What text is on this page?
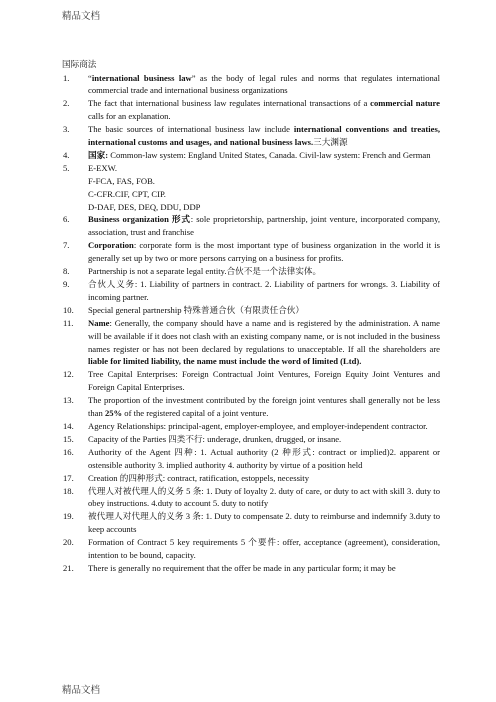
精品文档
国际商法
1. “international business law” as the body of legal rules and norms that regulates international commercial trade and international business organizations
2. The fact that international business law regulates international transactions of a commercial nature calls for an explanation.
3. The basic sources of international business law include international conventions and treaties, international customs and usages, and national business laws.三大渊源
4. 国家: Common-law system: England United States, Canada. Civil-law system: French and German
5. E-EXW.
F-FCA, FAS, FOB.
C-CFR.CIF, CPT, CIP.
D-DAF, DES, DEQ, DDU, DDP
6. Business organization 形式: sole proprietorship, partnership, joint venture, incorporated company, association, trust and franchise
7. Corporation: corporate form is the most important type of business organization in the world it is generally set up by two or more persons carrying on a business for profits.
8. Partnership is not a separate legal entity.合伙不是一个法律实体。
9. 合伙人义务: 1. Liability of partners in contract. 2. Liability of partners for wrongs. 3. Liability of incoming partner.
10. Special general partnership 特殊普通合伙（有限责任合伙）
11. Name: Generally, the company should have a name and is registered by the administration. A name will be available if it does not clash with an existing company name, or is not included in the business names register or has not been declared by regulations to unacceptable. If all the shareholders are liable for limited liability, the name must include the word of limited (Ltd).
12. Tree Capital Enterprises: Foreign Contractual Joint Ventures, Foreign Equity Joint Ventures and Foreign Capital Enterprises.
13. The proportion of the investment contributed by the foreign joint ventures shall generally not be less than 25% of the registered capital of a joint venture.
14. Agency Relationships: principal-agent, employer-employee, and employer-independent contractor.
15. Capacity of the Parties 四类不行: underage, drunken, drugged, or insane.
16. Authority of the Agent 四种: 1. Actual authority (2 种形式: contract or implied)2. apparent or ostensible authority 3. implied authority 4. authority by virtue of a position held
17. Creation 的四种形式: contract, ratification, estoppels, necessity
18. 代理人对被代理人的义务 5 条: 1. Duty of loyalty 2. duty of care, or duty to act with skill 3. duty to obey instructions. 4.duty to account 5. duty to notify
19. 被代理人对代理人的义务 3 条: 1. Duty to compensate 2. duty to reimburse and indemnify 3.duty to keep accounts
20. Formation of Contract 5 key requirements 5 个要件: offer, acceptance (agreement), consideration, intention to be bound, capacity.
21. There is generally no requirement that the offer be made in any particular form; it may be
精品文档
